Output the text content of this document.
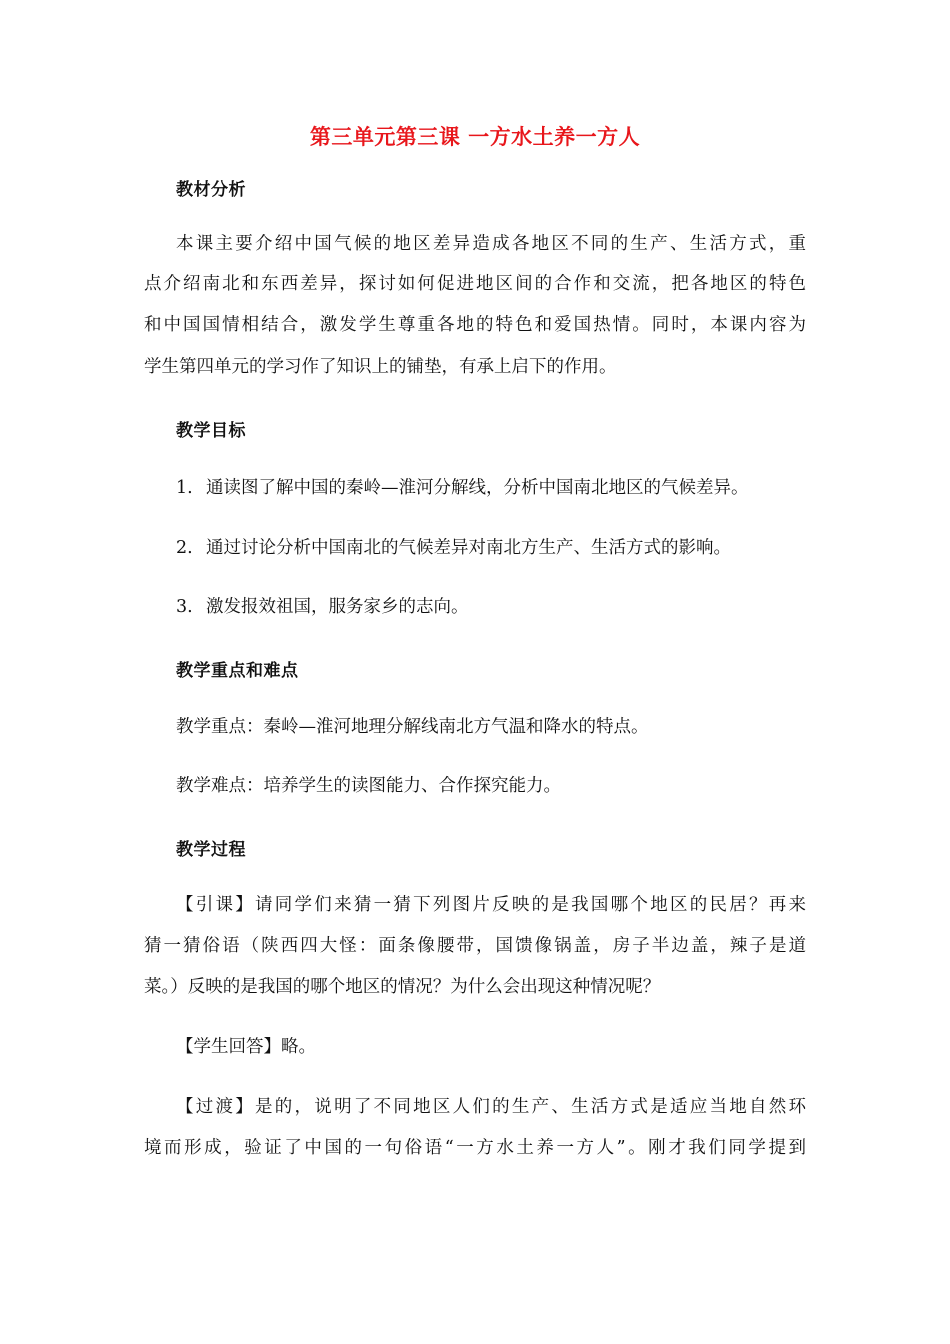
第三单元第三课 一方水土养一方人
教材分析
本课主要介绍中国气候的地区差异造成各地区不同的生产、生活方式，重
点介绍南北和东西差异，探讨如何促进地区间的合作和交流，把各地区的特色
和中国国情相结合，激发学生尊重各地的特色和爱国热情。同时，本课内容为
学生第四单元的学习作了知识上的铺垫，有承上启下的作用。
教学目标
1. 通读图了解中国的秦岭—淮河分解线，分析中国南北地区的气候差异。
2. 通过讨论分析中国南北的气候差异对南北方生产、生活方式的影响。
3. 激发报效祖国，服务家乡的志向。
教学重点和难点
教学重点：秦岭—淮河地理分解线南北方气温和降水的特点。
教学难点：培养学生的读图能力、合作探究能力。
教学过程
【引课】请同学们来猜一猜下列图片反映的是我国哪个地区的民居？再来
猜一猜俗语（陕西四大怪：面条像腰带，国馈像锅盖，房子半边盖，辣子是道
菜。）反映的是我国的哪个地区的情况？为什么会出现这种情况呢？
【学生回答】略。
【过渡】是的，说明了不同地区人们的生产、生活方式是适应当地自然环
境而形成，验证了中国的一句俗语“一方水土养一方人”。刚才我们同学提到
